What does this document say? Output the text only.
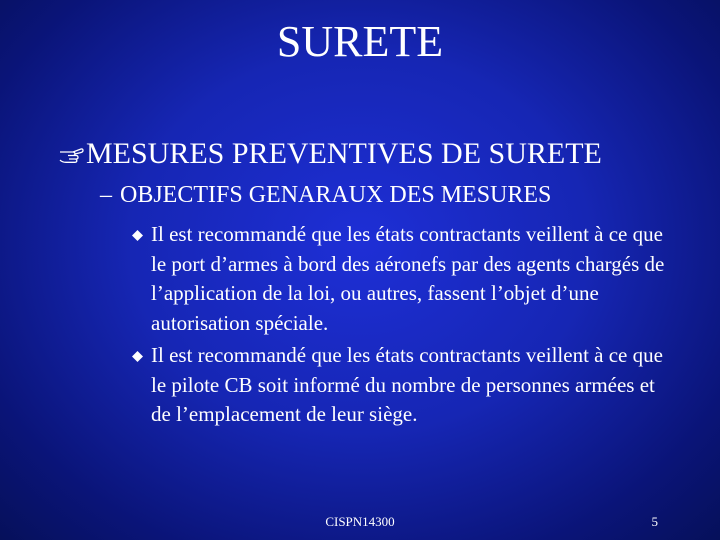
SURETE
MESURES PREVENTIVES DE SURETE
– OBJECTIFS GENARAUX DES MESURES
Il est recommandé que les états contractants veillent à ce que le port d’armes à bord des aéronefs par des agents chargés de l’application de la loi, ou autres, fassent l’objet d’une autorisation spéciale.
Il est recommandé que les états contractants veillent à ce que le pilote CB soit informé du nombre de personnes armées et de l’emplacement de leur siège.
CISPN14300	5
